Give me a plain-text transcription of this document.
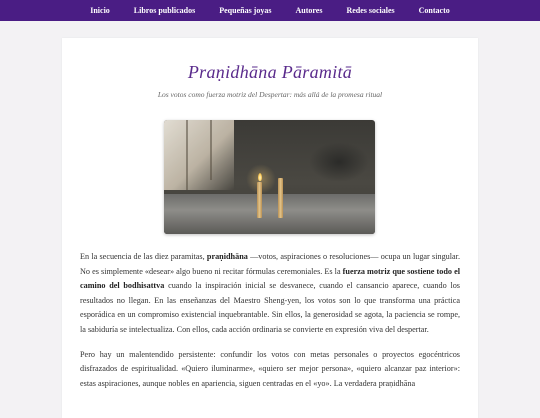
Inicio	Libros publicados	Pequeñas joyas	Autores	Redes sociales	Contacto
Praṇidhāna Pāramitā
Los votos como fuerza motriz del Despertar: más allá de la promesa ritual

En la secuencia de las diez paramitas, praṇidhāna —votos, aspiraciones o resoluciones— ocupa un lugar singular. No es simplemente «desear» algo bueno ni recitar fórmulas ceremoniales. Es la fuerza motriz que sostiene todo el camino del bodhisattva cuando la inspiración inicial se desvanece, cuando el cansancio aparece, cuando los resultados no llegan. En las enseñanzas del Maestro Sheng-yen, los votos son lo que transforma una práctica esporádica en un compromiso existencial inquebrantable. Sin ellos, la generosidad se agota, la paciencia se rompe, la sabiduría se intelectualiza. Con ellos, cada acción ordinaria se convierte en expresión viva del despertar.

Pero hay un malentendido persistente: confundir los votos con metas personales o proyectos egocéntricos disfrazados de espiritualidad. «Quiero iluminarme», «quiero ser mejor persona», «quiero alcanzar paz interior»: estas aspiraciones, aunque nobles en apariencia, siguen centradas en el «yo». La verdadera praṇidhāna
